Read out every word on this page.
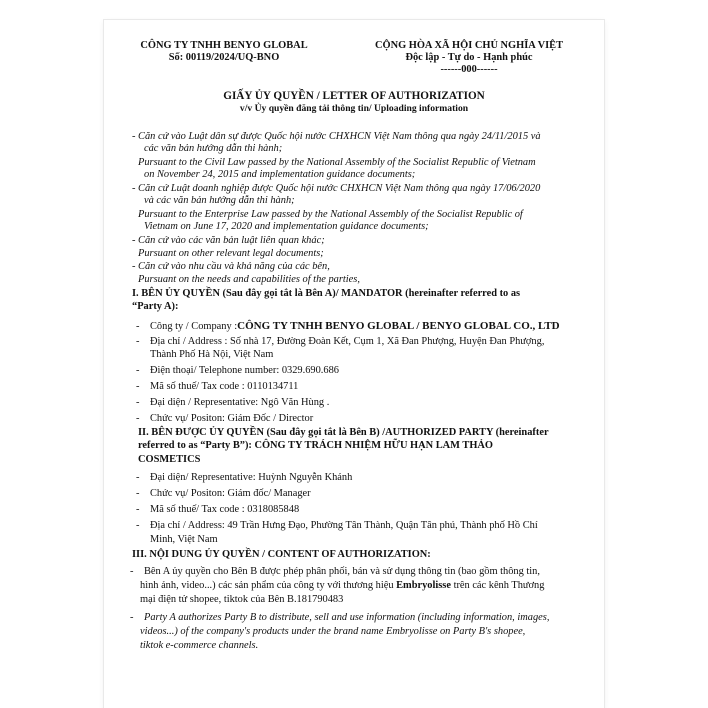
CÔNG TY TNHH BENYO GLOBAL
Số: 00119/2024/UQ-BNO
CỘNG HÒA XÃ HỘI CHỦ NGHĨA VIỆT
Độc lập - Tự do - Hạnh phúc
------000------
GIẤY ỦY QUYỀN / LETTER OF AUTHORIZATION
v/v Ủy quyền đăng tải thông tin/ Uploading information
- Căn cứ vào Luật dân sự được Quốc hội nước CHXHCN Việt Nam thông qua ngày 24/11/2015 và
các văn bản hướng dẫn thi hành;
Pursuant to the Civil Law passed by the National Assembly of the Socialist Republic of Vietnam
on November 24, 2015 and implementation guidance documents;
- Căn cứ Luật doanh nghiệp được Quốc hội nước CHXHCN Việt Nam thông qua ngày 17/06/2020
và các văn bản hướng dẫn thi hành;
Pursuant to the Enterprise Law passed by the National Assembly of the Socialist Republic of
Vietnam on June 17, 2020 and implementation guidance documents;
- Căn cứ vào các văn bản luật liên quan khác;
Pursuant on other relevant legal documents;
- Căn cứ vào nhu cầu và khả năng của các bên,
Pursuant on the needs and capabilities of the parties,
I. BÊN ỦY QUYỀN (Sau đây gọi tắt là Bên A)/ MANDATOR (hereinafter referred to as
“Party A):
-	Công ty / Company : CÔNG TY TNHH BENYO GLOBAL / BENYO GLOBAL CO., LTD
-	Địa chỉ / Address : Số nhà 17, Đường Đoàn Kết, Cụm 1, Xã Đan Phượng, Huyện Đan Phượng,
Thành Phố Hà Nội, Việt Nam
-	Điện thoại/ Telephone number: 0329.690.686
-	Mã số thuế/ Tax code : 0110134711
-	Đại diện / Representative: Ngô Văn Hùng .
-	Chức vụ/ Positon: Giám Đốc / Director
II. BÊN ĐƯỢC ỦY QUYỀN (Sau đây gọi tắt là Bên B) /AUTHORIZED PARTY (hereinafter
referred to as “Party B”): CÔNG TY TRÁCH NHIỆM HỮU HẠN LAM THẢO
COSMETICS
-	Đại diện/ Representative: Huỳnh Nguyễn Khánh
-	Chức vụ/ Positon: Giám đốc/ Manager
-	Mã số thuế/ Tax code : 0318085848
-	Địa chỉ / Address: 49 Trần Hưng Đạo, Phường Tân Thành, Quận Tân phú, Thành phố Hồ Chí
Minh, Việt Nam
III. NỘI DUNG ỦY QUYỀN / CONTENT OF AUTHORIZATION:
-	Bên A ủy quyền cho Bên B được phép phân phối, bán và sử dụng thông tin (bao gồm thông tin,
hình ảnh, video...) các sản phẩm của công ty với thương hiệu Embryolisse trên các kênh Thương
mại điện tử shopee, tiktok của Bên B.181790483
-	Party A authorizes Party B to distribute, sell and use information (including information, images,
videos...) of the company's products under the brand name Embryolisse on Party B's shopee,
tiktok e-commerce channels.
